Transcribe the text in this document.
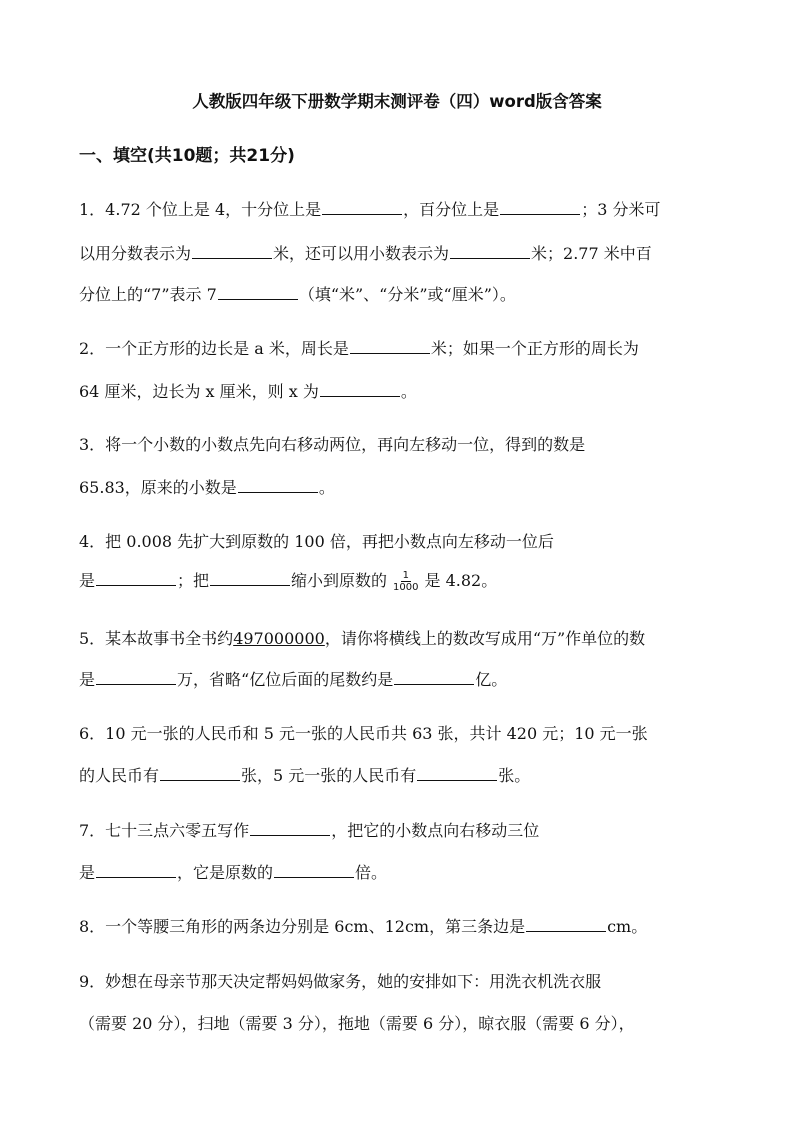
人教版四年级下册数学期末测评卷（四）word版含答案
一、填空(共10题；共21分)
1．4.72 个位上是 4，十分位上是	，百分位上是	；3 分米可
以用分数表示为	米，还可以用小数表示为	米；2.77 米中百
分位上的“7”表示 7	（填“米”、“分米”或“厘米”）。
2．一个正方形的边长是 a 米，周长是	米；如果一个正方形的周长为
64 厘米，边长为 x 厘米，则 x 为	。
3．将一个小数的小数点先向右移动两位，再向左移动一位，得到的数是
65.83，原来的小数是	。
4．把 0.008 先扩大到原数的 100 倍，再把小数点向左移动一位后
是	；把	缩小到原数的 $\frac{1}{1000}$ 是 4.82。
5．某本故事书全书约497000000，请你将横线上的数改写成用“万”作单位的数
是	万，省略“亿位后面的尾数约是	亿。
6．10 元一张的人民币和 5 元一张的人民币共 63 张，共计 420 元；10 元一张
的人民币有	张，5 元一张的人民币有	张。
7．七十三点六零五写作	，把它的小数点向右移动三位
是	，它是原数的	倍。
8．一个等腰三角形的两条边分别是 6cm、12cm，第三条边是	cm。
9．妙想在母亲节那天决定帮妈妈做家务，她的安排如下：用洗衣机洗衣服
（需要 20 分），扫地（需要 3 分），拖地（需要 6 分），晾衣服（需要 6 分），
